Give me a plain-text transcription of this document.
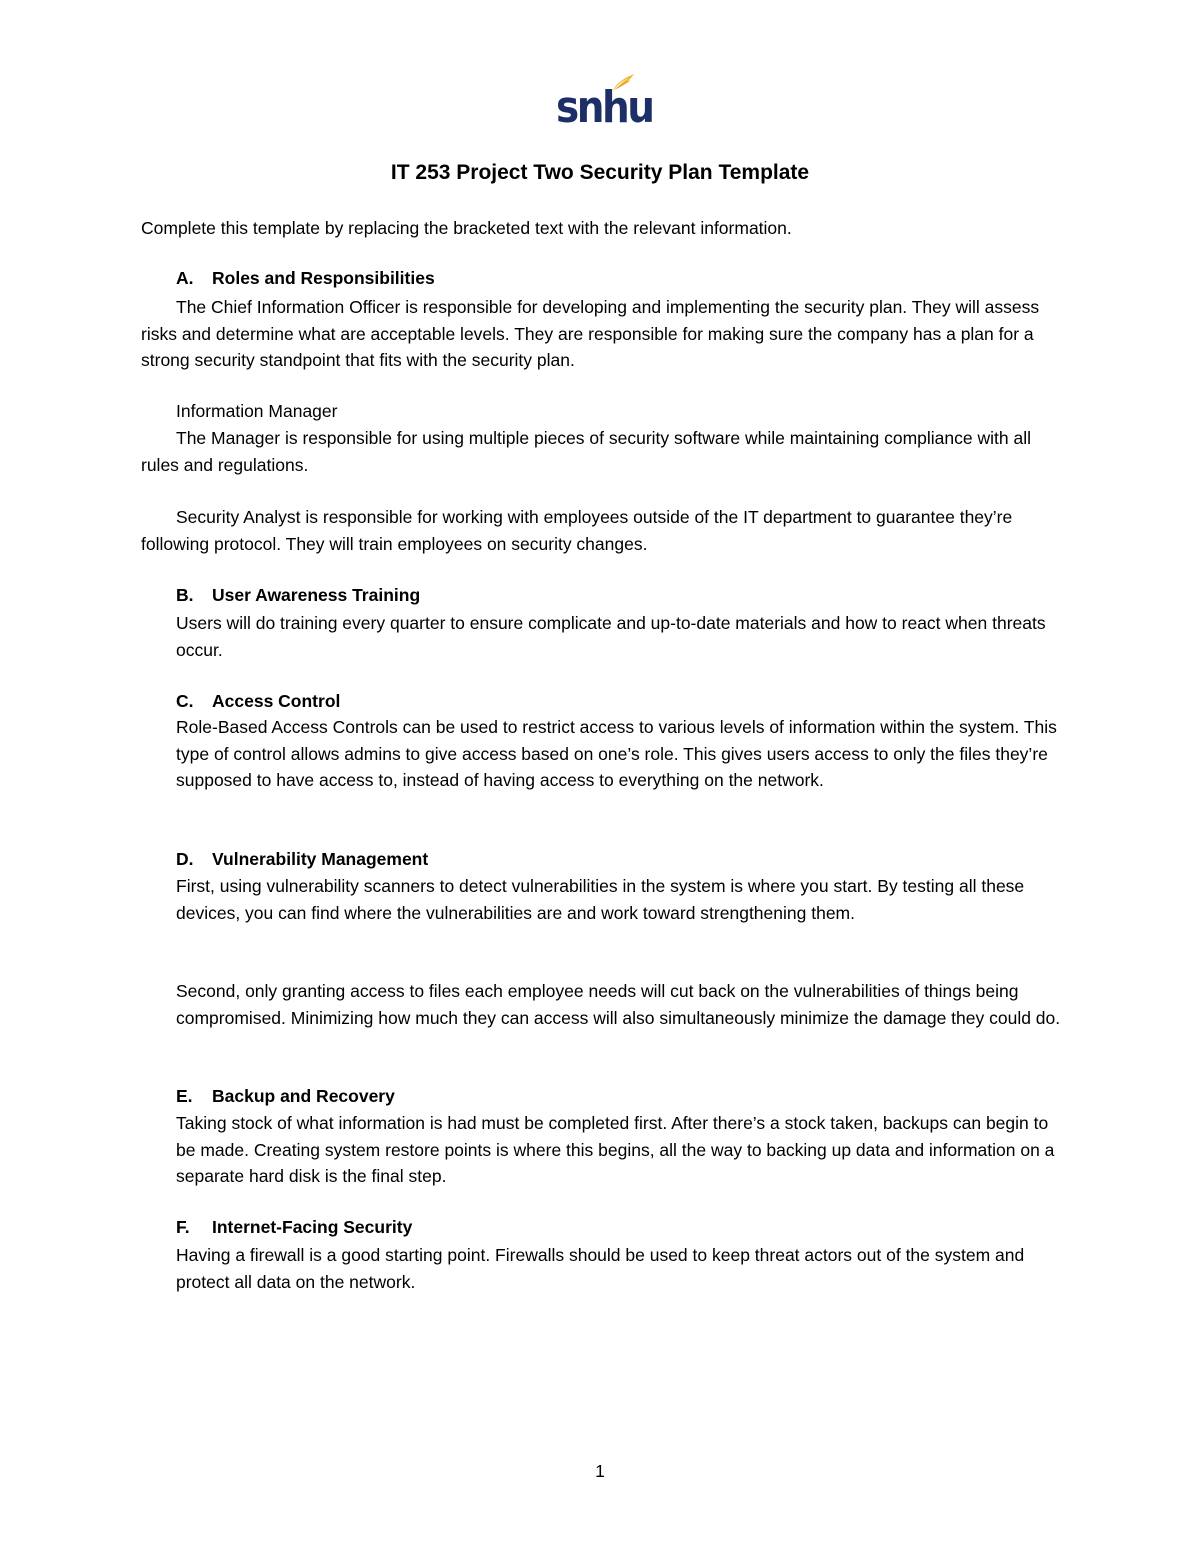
snhu
IT 253 Project Two Security Plan Template
Complete this template by replacing the bracketed text with the relevant information.
A. Roles and Responsibilities

The Chief Information Officer is responsible for developing and implementing the security plan. They will assess risks and determine what are acceptable levels. They are responsible for making sure the company has a plan for a strong security standpoint that fits with the security plan.

Information Manager

The Manager is responsible for using multiple pieces of security software while maintaining compliance with all rules and regulations.

Security Analyst is responsible for working with employees outside of the IT department to guarantee they’re following protocol. They will train employees on security changes.

B. User Awareness Training

Users will do training every quarter to ensure complicate and up-to-date materials and how to react when threats occur.

C. Access Control

Role-Based Access Controls can be used to restrict access to various levels of information within the system. This type of control allows admins to give access based on one’s role. This gives users access to only the files they’re supposed to have access to, instead of having access to everything on the network.

D. Vulnerability Management

First, using vulnerability scanners to detect vulnerabilities in the system is where you start. By testing all these devices, you can find where the vulnerabilities are and work toward strengthening them.

Second, only granting access to files each employee needs will cut back on the vulnerabilities of things being compromised. Minimizing how much they can access will also simultaneously minimize the damage they could do.

E. Backup and Recovery

Taking stock of what information is had must be completed first. After there’s a stock taken, backups can begin to be made. Creating system restore points is where this begins, all the way to backing up data and information on a separate hard disk is the final step.

F. Internet-Facing Security

Having a firewall is a good starting point. Firewalls should be used to keep threat actors out of the system and protect all data on the network.

1
